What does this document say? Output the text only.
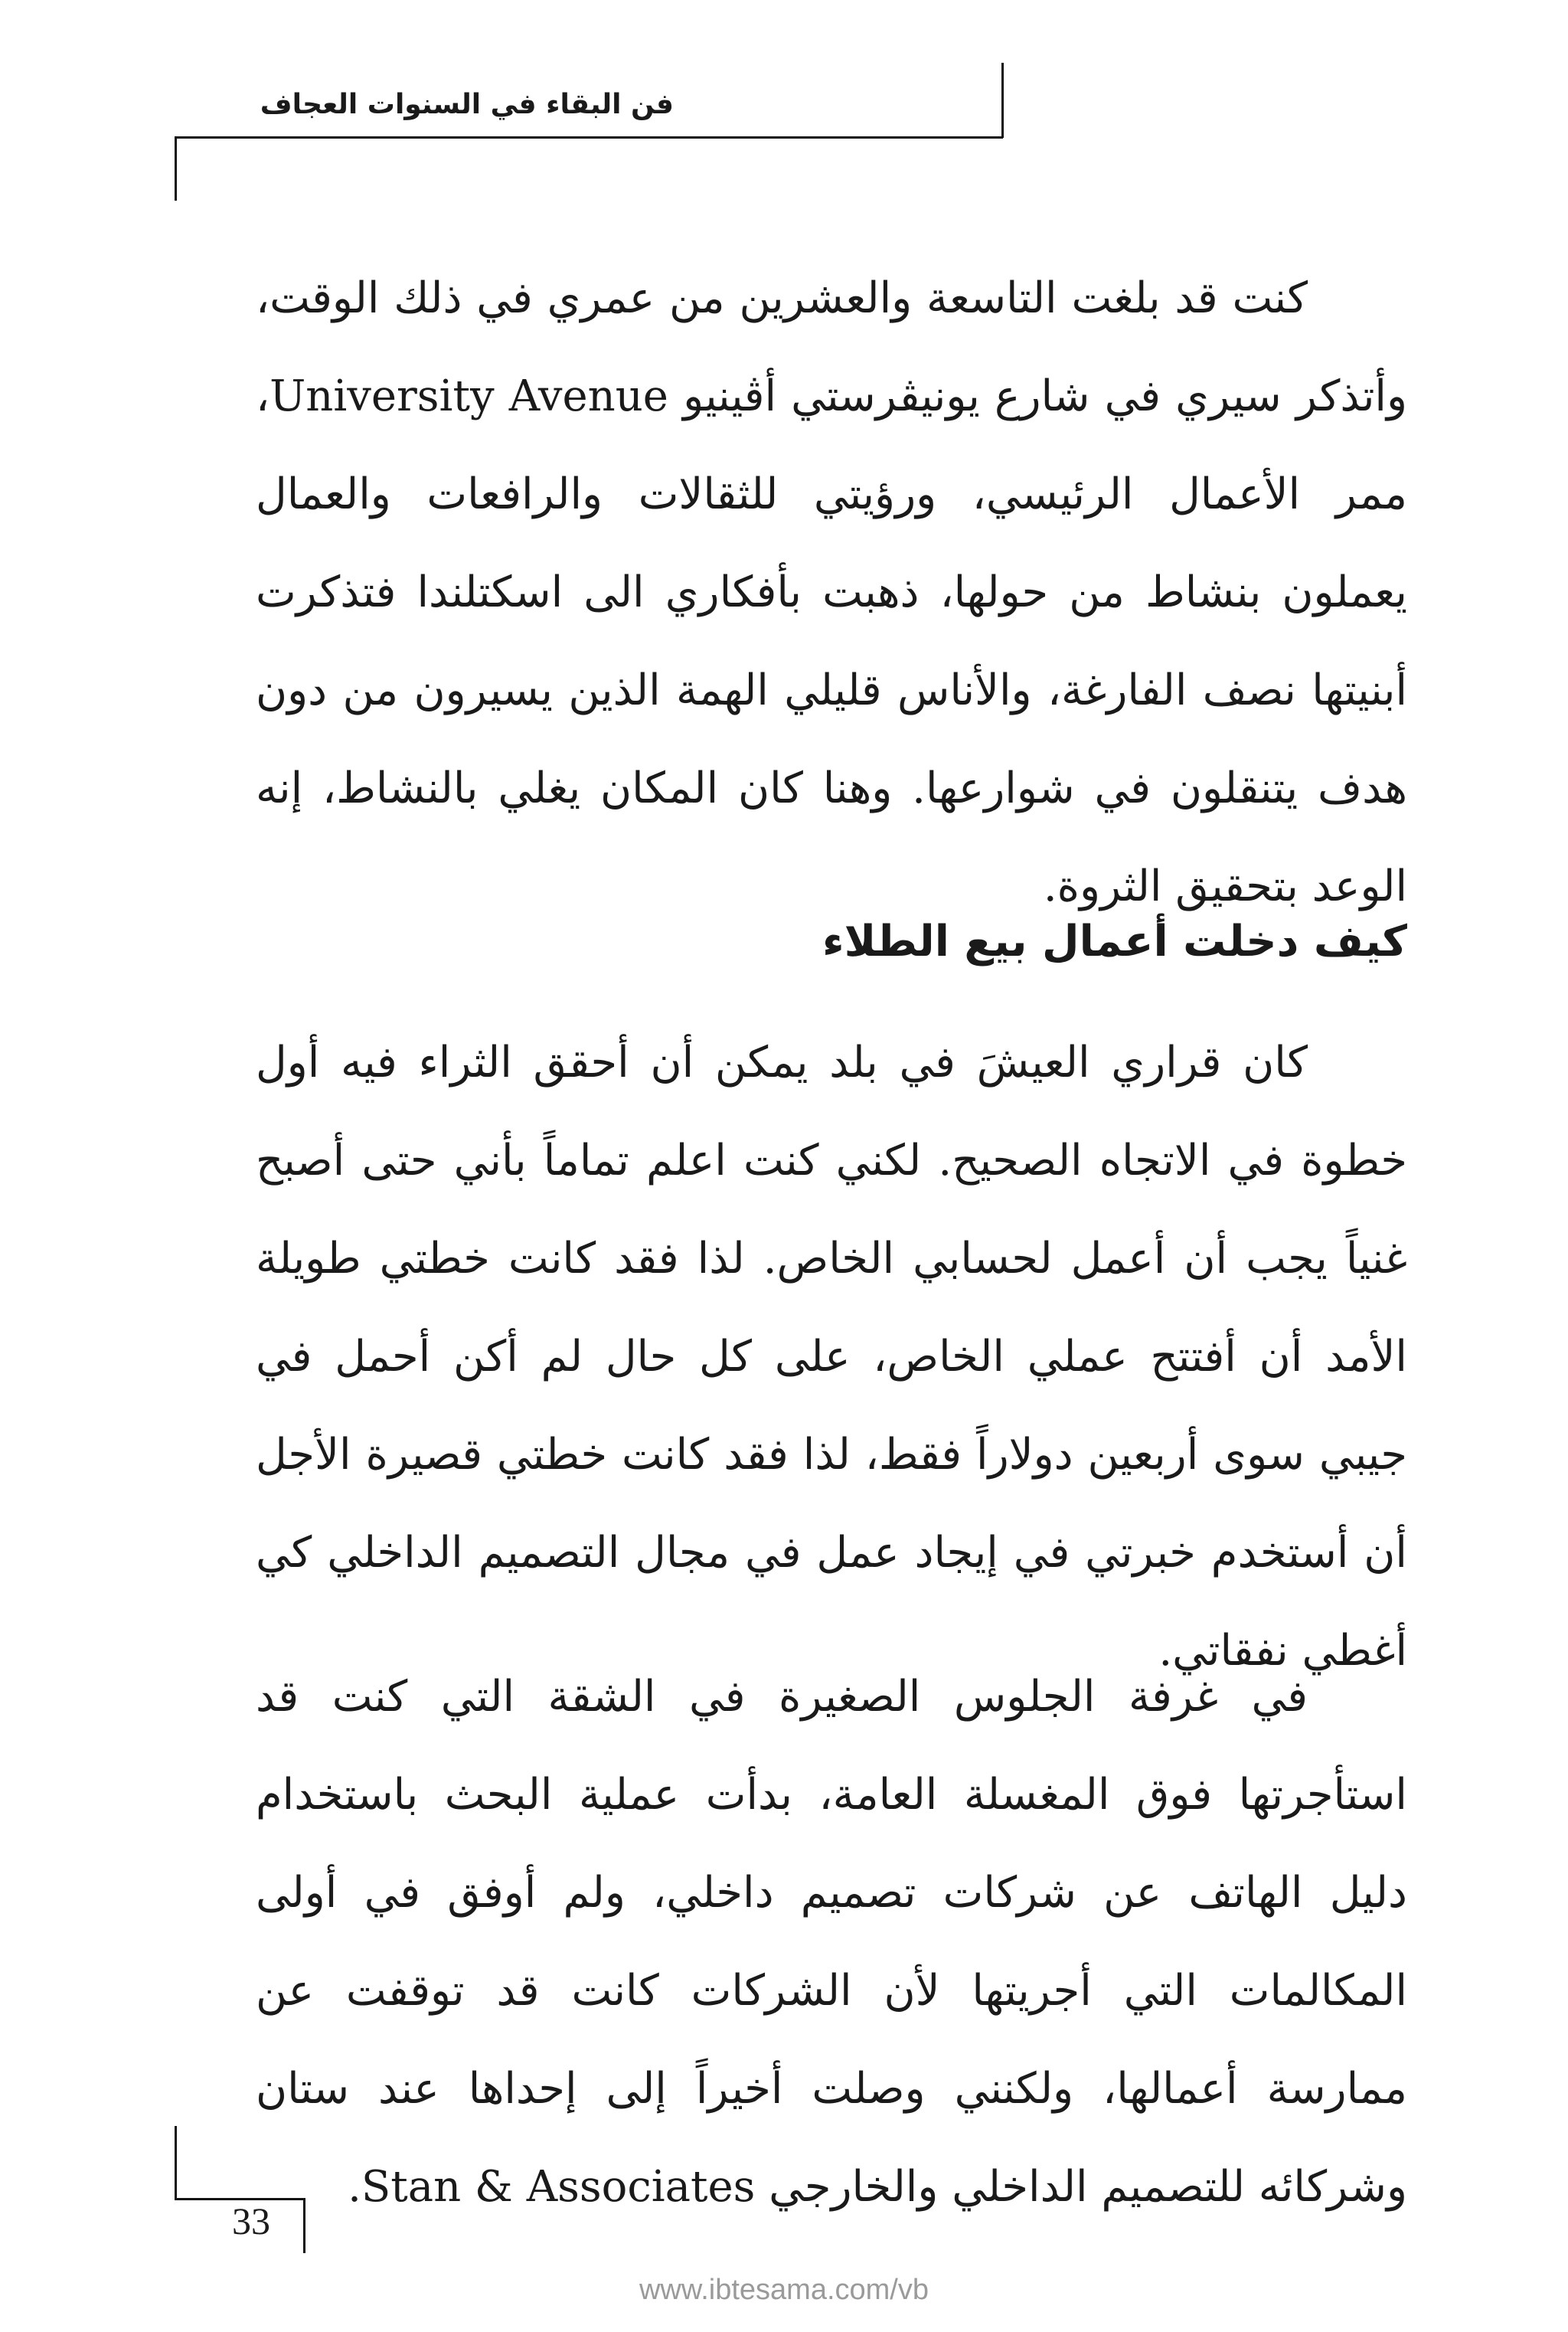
فن البقاء في السنوات العجاف

كنت قد بلغت التاسعة والعشرين من عمري في ذلك الوقت، وأتذكر سيري في شارع يونيڤرستي أڤينيو University Avenue، ممر الأعمال الرئيسي، ورؤيتي للثقالات والرافعات والعمال يعملون بنشاط من حولها، ذهبت بأفكاري الى اسكتلندا فتذكرت أبنيتها نصف الفارغة، والأناس قليلي الهمة الذين يسيرون من دون هدف يتنقلون في شوارعها. وهنا كان المكان يغلي بالنشاط، إنه الوعد بتحقيق الثروة.

كيف دخلت أعمال بيع الطلاء

كان قراري العيشَ في بلد يمكن أن أحقق الثراء فيه أول خطوة في الاتجاه الصحيح. لكني كنت اعلم تماماً بأني حتى أصبح غنياً يجب أن أعمل لحسابي الخاص. لذا فقد كانت خطتي طويلة الأمد أن أفتتح عملي الخاص، على كل حال لم أكن أحمل في جيبي سوى أربعين دولاراً فقط، لذا فقد كانت خطتي قصيرة الأجل أن أستخدم خبرتي في إيجاد عمل في مجال التصميم الداخلي كي أغطي نفقاتي.

في غرفة الجلوس الصغيرة في الشقة التي كنت قد استأجرتها فوق المغسلة العامة، بدأت عملية البحث باستخدام دليل الهاتف عن شركات تصميم داخلي، ولم أوفق في أولى المكالمات التي أجريتها لأن الشركات كانت قد توقفت عن ممارسة أعمالها، ولكنني وصلت أخيراً إلى إحداها عند ستان وشركائه للتصميم الداخلي والخارجي Stan & Associates.

33
www.ibtesama.com/vb
